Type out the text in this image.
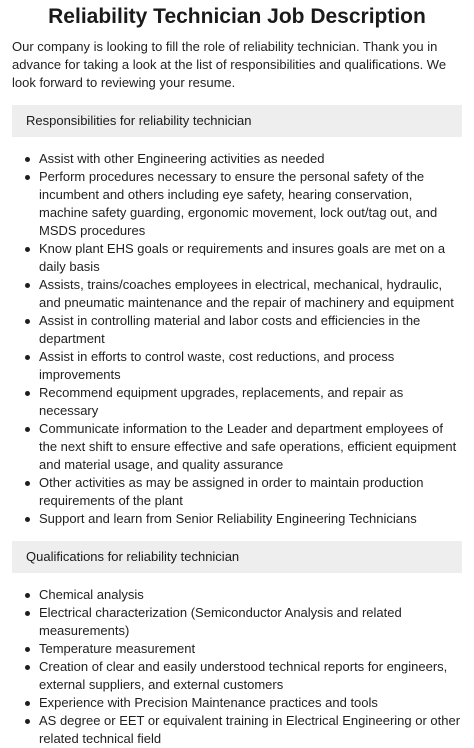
Reliability Technician Job Description

Our company is looking to fill the role of reliability technician. Thank you in advance for taking a look at the list of responsibilities and qualifications. We look forward to reviewing your resume.

Responsibilities for reliability technician
Assist with other Engineering activities as needed
Perform procedures necessary to ensure the personal safety of the incumbent and others including eye safety, hearing conservation, machine safety guarding, ergonomic movement, lock out/tag out, and MSDS procedures
Know plant EHS goals or requirements and insures goals are met on a daily basis
Assists, trains/coaches employees in electrical, mechanical, hydraulic, and pneumatic maintenance and the repair of machinery and equipment
Assist in controlling material and labor costs and efficiencies in the department
Assist in efforts to control waste, cost reductions, and process improvements
Recommend equipment upgrades, replacements, and repair as necessary
Communicate information to the Leader and department employees of the next shift to ensure effective and safe operations, efficient equipment and material usage, and quality assurance
Other activities as may be assigned in order to maintain production requirements of the plant
Support and learn from Senior Reliability Engineering Technicians
Qualifications for reliability technician
Chemical analysis
Electrical characterization (Semiconductor Analysis and related measurements)
Temperature measurement
Creation of clear and easily understood technical reports for engineers, external suppliers, and external customers
Experience with Precision Maintenance practices and tools
AS degree or EET or equivalent training in Electrical Engineering or other related technical field
